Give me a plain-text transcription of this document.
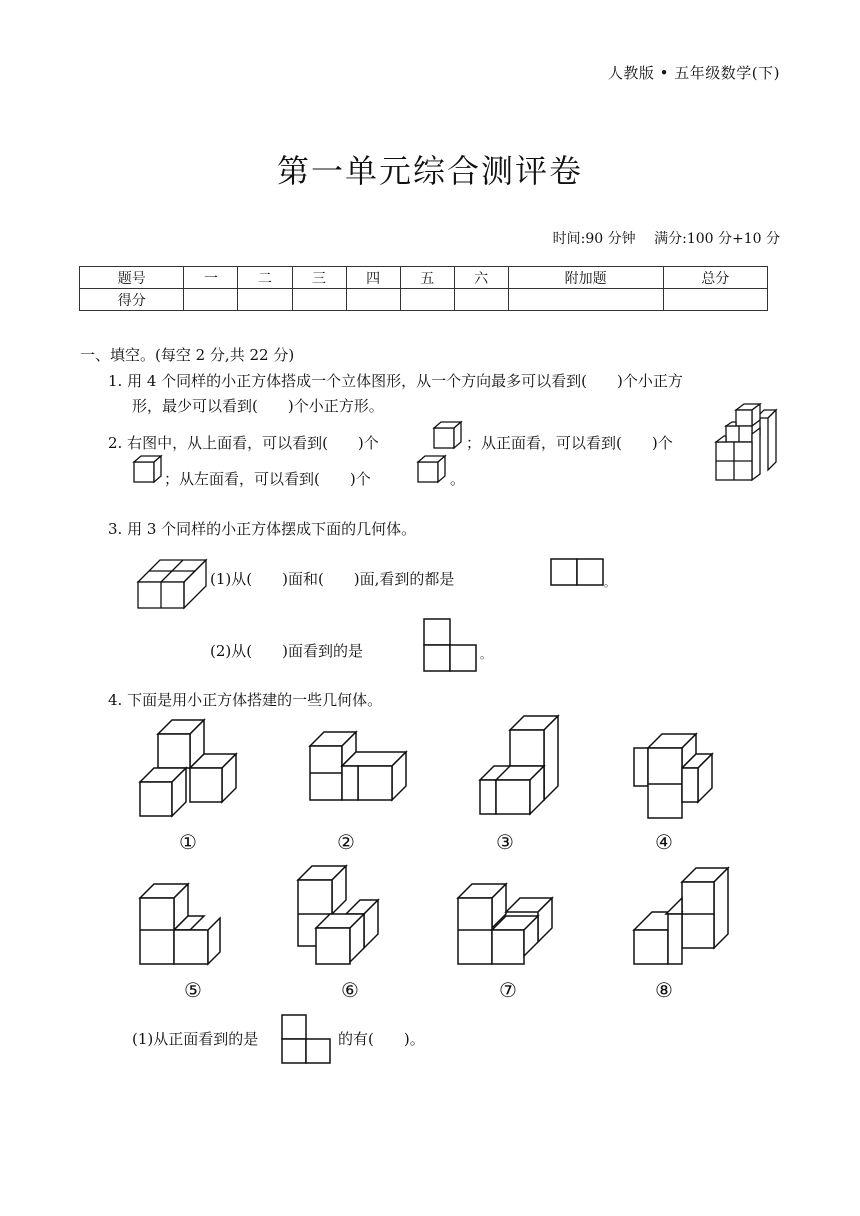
人教版 • 五年级数学(下)
第一单元综合测评卷
时间:90 分钟 满分:100 分+10 分
题号	一	二	三	四	五	六	附加题	总分
得分								
一、填空。(每空 2 分,共 22 分)
1. 用 4 个同样的小正方体搭成一个立体图形，从一个方向最多可以看到(　　)个小正方
形，最少可以看到(　　)个小正方形。
2. 右图中，从上面看，可以看到(　　)个	；从正面看，可以看到(　　)个
；从左面看，可以看到(　　)个	。
3. 用 3 个同样的小正方体摆成下面的几何体。
(1)从(　　)面和(　　)面,看到的都是	。
(2)从(　　)面看到的是	。
4. 下面是用小正方体搭建的一些几何体。
①	②	③	④
⑤	⑥	⑦	⑧
(1)从正面看到的是	的有(　　)。
